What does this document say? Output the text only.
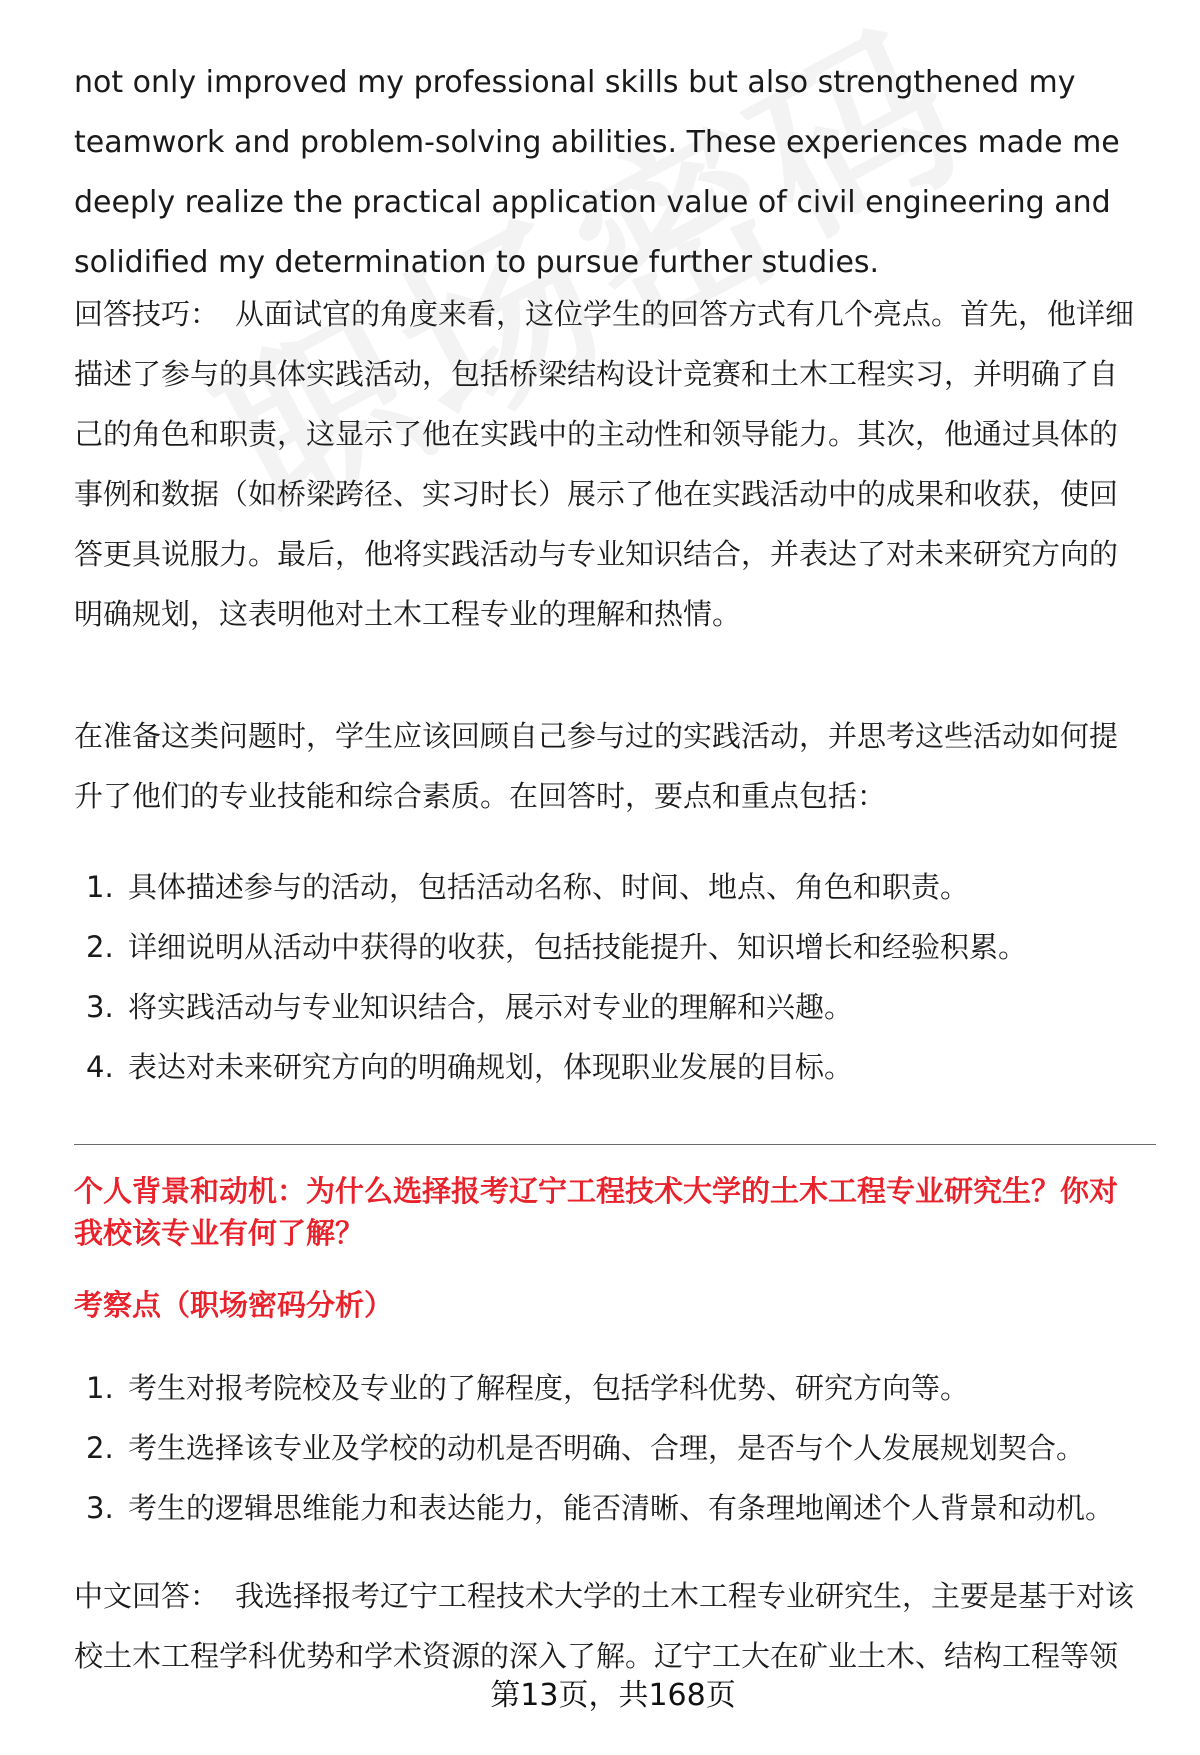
not only improved my professional skills but also strengthened my

teamwork and problem-solving abilities. These experiences made me

deeply realize the practical application value of civil engineering and

solidified my determination to pursue further studies.

回答技巧： 从面试官的角度来看，这位学生的回答方式有几个亮点。首先，他详细

描述了参与的具体实践活动，包括桥梁结构设计竞赛和土木工程实习，并明确了自

己的角色和职责，这显示了他在实践中的主动性和领导能力。其次，他通过具体的

事例和数据（如桥梁跨径、实习时长）展示了他在实践活动中的成果和收获，使回

答更具说服力。最后，他将实践活动与专业知识结合，并表达了对未来研究方向的

明确规划，这表明他对土木工程专业的理解和热情。

在准备这类问题时，学生应该回顾自己参与过的实践活动，并思考这些活动如何提

升了他们的专业技能和综合素质。在回答时，要点和重点包括：

1. 具体描述参与的活动，包括活动名称、时间、地点、角色和职责。
2. 详细说明从活动中获得的收获，包括技能提升、知识增长和经验积累。
3. 将实践活动与专业知识结合，展示对专业的理解和兴趣。
4. 表达对未来研究方向的明确规划，体现职业发展的目标。

个人背景和动机：为什么选择报考辽宁工程技术大学的土木工程专业研究生？你对

我校该专业有何了解？

考察点（职场密码分析）
1. 考生对报考院校及专业的了解程度，包括学科优势、研究方向等。
2. 考生选择该专业及学校的动机是否明确、合理，是否与个人发展规划契合。
3. 考生的逻辑思维能力和表达能力，能否清晰、有条理地阐述个人背景和动机。

中文回答： 我选择报考辽宁工程技术大学的土木工程专业研究生，主要是基于对该

校土木工程学科优势和学术资源的深入了解。辽宁工大在矿业土木、结构工程等领

第13页，共168页
